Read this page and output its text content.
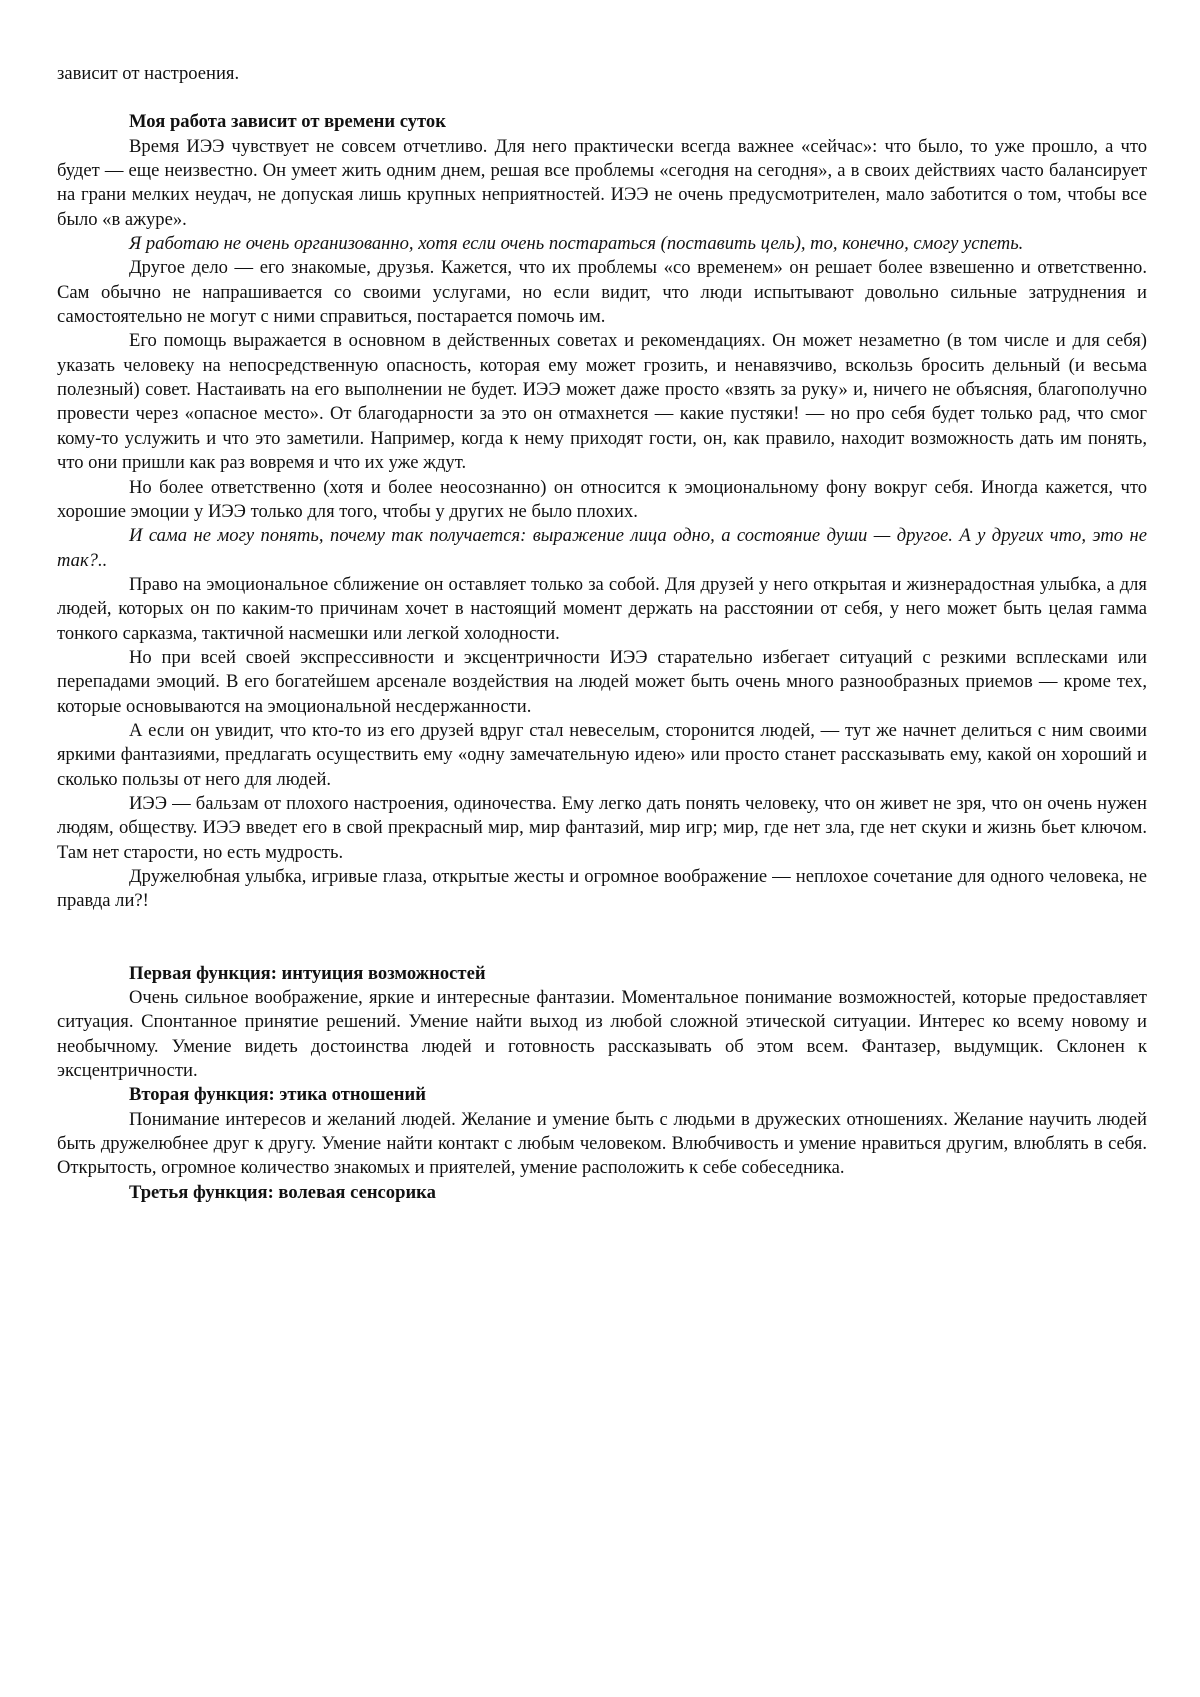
зависит от настроения.

Моя работа зависит от времени суток

Время ИЭЭ чувствует не совсем отчетливо. Для него практически всегда важнее «сейчас»: что было, то уже прошло, а что будет — еще неизвестно. Он умеет жить одним днем, решая все проблемы «сегодня на сегодня», а в своих действиях часто балансирует на грани мелких неудач, не допуская лишь крупных неприятностей. ИЭЭ не очень предусмотрителен, мало заботится о том, чтобы все было «в ажуре».

Я работаю не очень организованно, хотя если очень постараться (поставить цель), то, конечно, смогу успеть.

Другое дело — его знакомые, друзья. Кажется, что их проблемы «со временем» он решает более взвешенно и ответственно. Сам обычно не напрашивается со своими услугами, но если видит, что люди испытывают довольно сильные затруднения и самостоятельно не могут с ними справиться, постарается помочь им.

Его помощь выражается в основном в действенных советах и рекомендациях. Он может незаметно (в том числе и для себя) указать человеку на непосредственную опасность, которая ему может грозить, и ненавязчиво, вскользь бросить дельный (и весьма полезный) совет. Настаивать на его выполнении не будет. ИЭЭ может даже просто «взять за руку» и, ничего не объясняя, благополучно провести через «опасное место». От благодарности за это он отмахнется — какие пустяки! — но про себя будет только рад, что смог кому-то услужить и что это заметили. Например, когда к нему приходят гости, он, как правило, находит возможность дать им понять, что они пришли как раз вовремя и что их уже ждут.

Но более ответственно (хотя и более неосознанно) он относится к эмоциональному фону вокруг себя. Иногда кажется, что хорошие эмоции у ИЭЭ только для того, чтобы у других не было плохих.

И сама не могу понять, почему так получается: выражение лица одно, а состояние души — другое. А у других что, это не так?..

Право на эмоциональное сближение он оставляет только за собой. Для друзей у него открытая и жизнерадостная улыбка, а для людей, которых он по каким-то причинам хочет в настоящий момент держать на расстоянии от себя, у него может быть целая гамма тонкого сарказма, тактичной насмешки или легкой холодности.

Но при всей своей экспрессивности и эксцентричности ИЭЭ старательно избегает ситуаций с резкими всплесками или перепадами эмоций. В его богатейшем арсенале воздействия на людей может быть очень много разнообразных приемов — кроме тех, которые основываются на эмоциональной несдержанности.

А если он увидит, что кто-то из его друзей вдруг стал невеселым, сторонится людей, — тут же начнет делиться с ним своими яркими фантазиями, предлагать осуществить ему «одну замечательную идею» или просто станет рассказывать ему, какой он хороший и сколько пользы от него для людей.

ИЭЭ — бальзам от плохого настроения, одиночества. Ему легко дать понять человеку, что он живет не зря, что он очень нужен людям, обществу. ИЭЭ введет его в свой прекрасный мир, мир фантазий, мир игр; мир, где нет зла, где нет скуки и жизнь бьет ключом. Там нет старости, но есть мудрость.

Дружелюбная улыбка, игривые глаза, открытые жесты и огромное воображение — неплохое сочетание для одного человека, не правда ли?!

Первая функция: интуиция возможностей

Очень сильное воображение, яркие и интересные фантазии. Моментальное понимание возможностей, которые предоставляет ситуация. Спонтанное принятие решений. Умение найти выход из любой сложной этической ситуации. Интерес ко всему новому и необычному. Умение видеть достоинства людей и готовность рассказывать об этом всем. Фантазер, выдумщик. Склонен к эксцентричности.

Вторая функция: этика отношений

Понимание интересов и желаний людей. Желание и умение быть с людьми в дружеских отношениях. Желание научить людей быть дружелюбнее друг к другу. Умение найти контакт с любым человеком. Влюбчивость и умение нравиться другим, влюблять в себя. Открытость, огромное количество знакомых и приятелей, умение расположить к себе собеседника.

Третья функция: волевая сенсорика
